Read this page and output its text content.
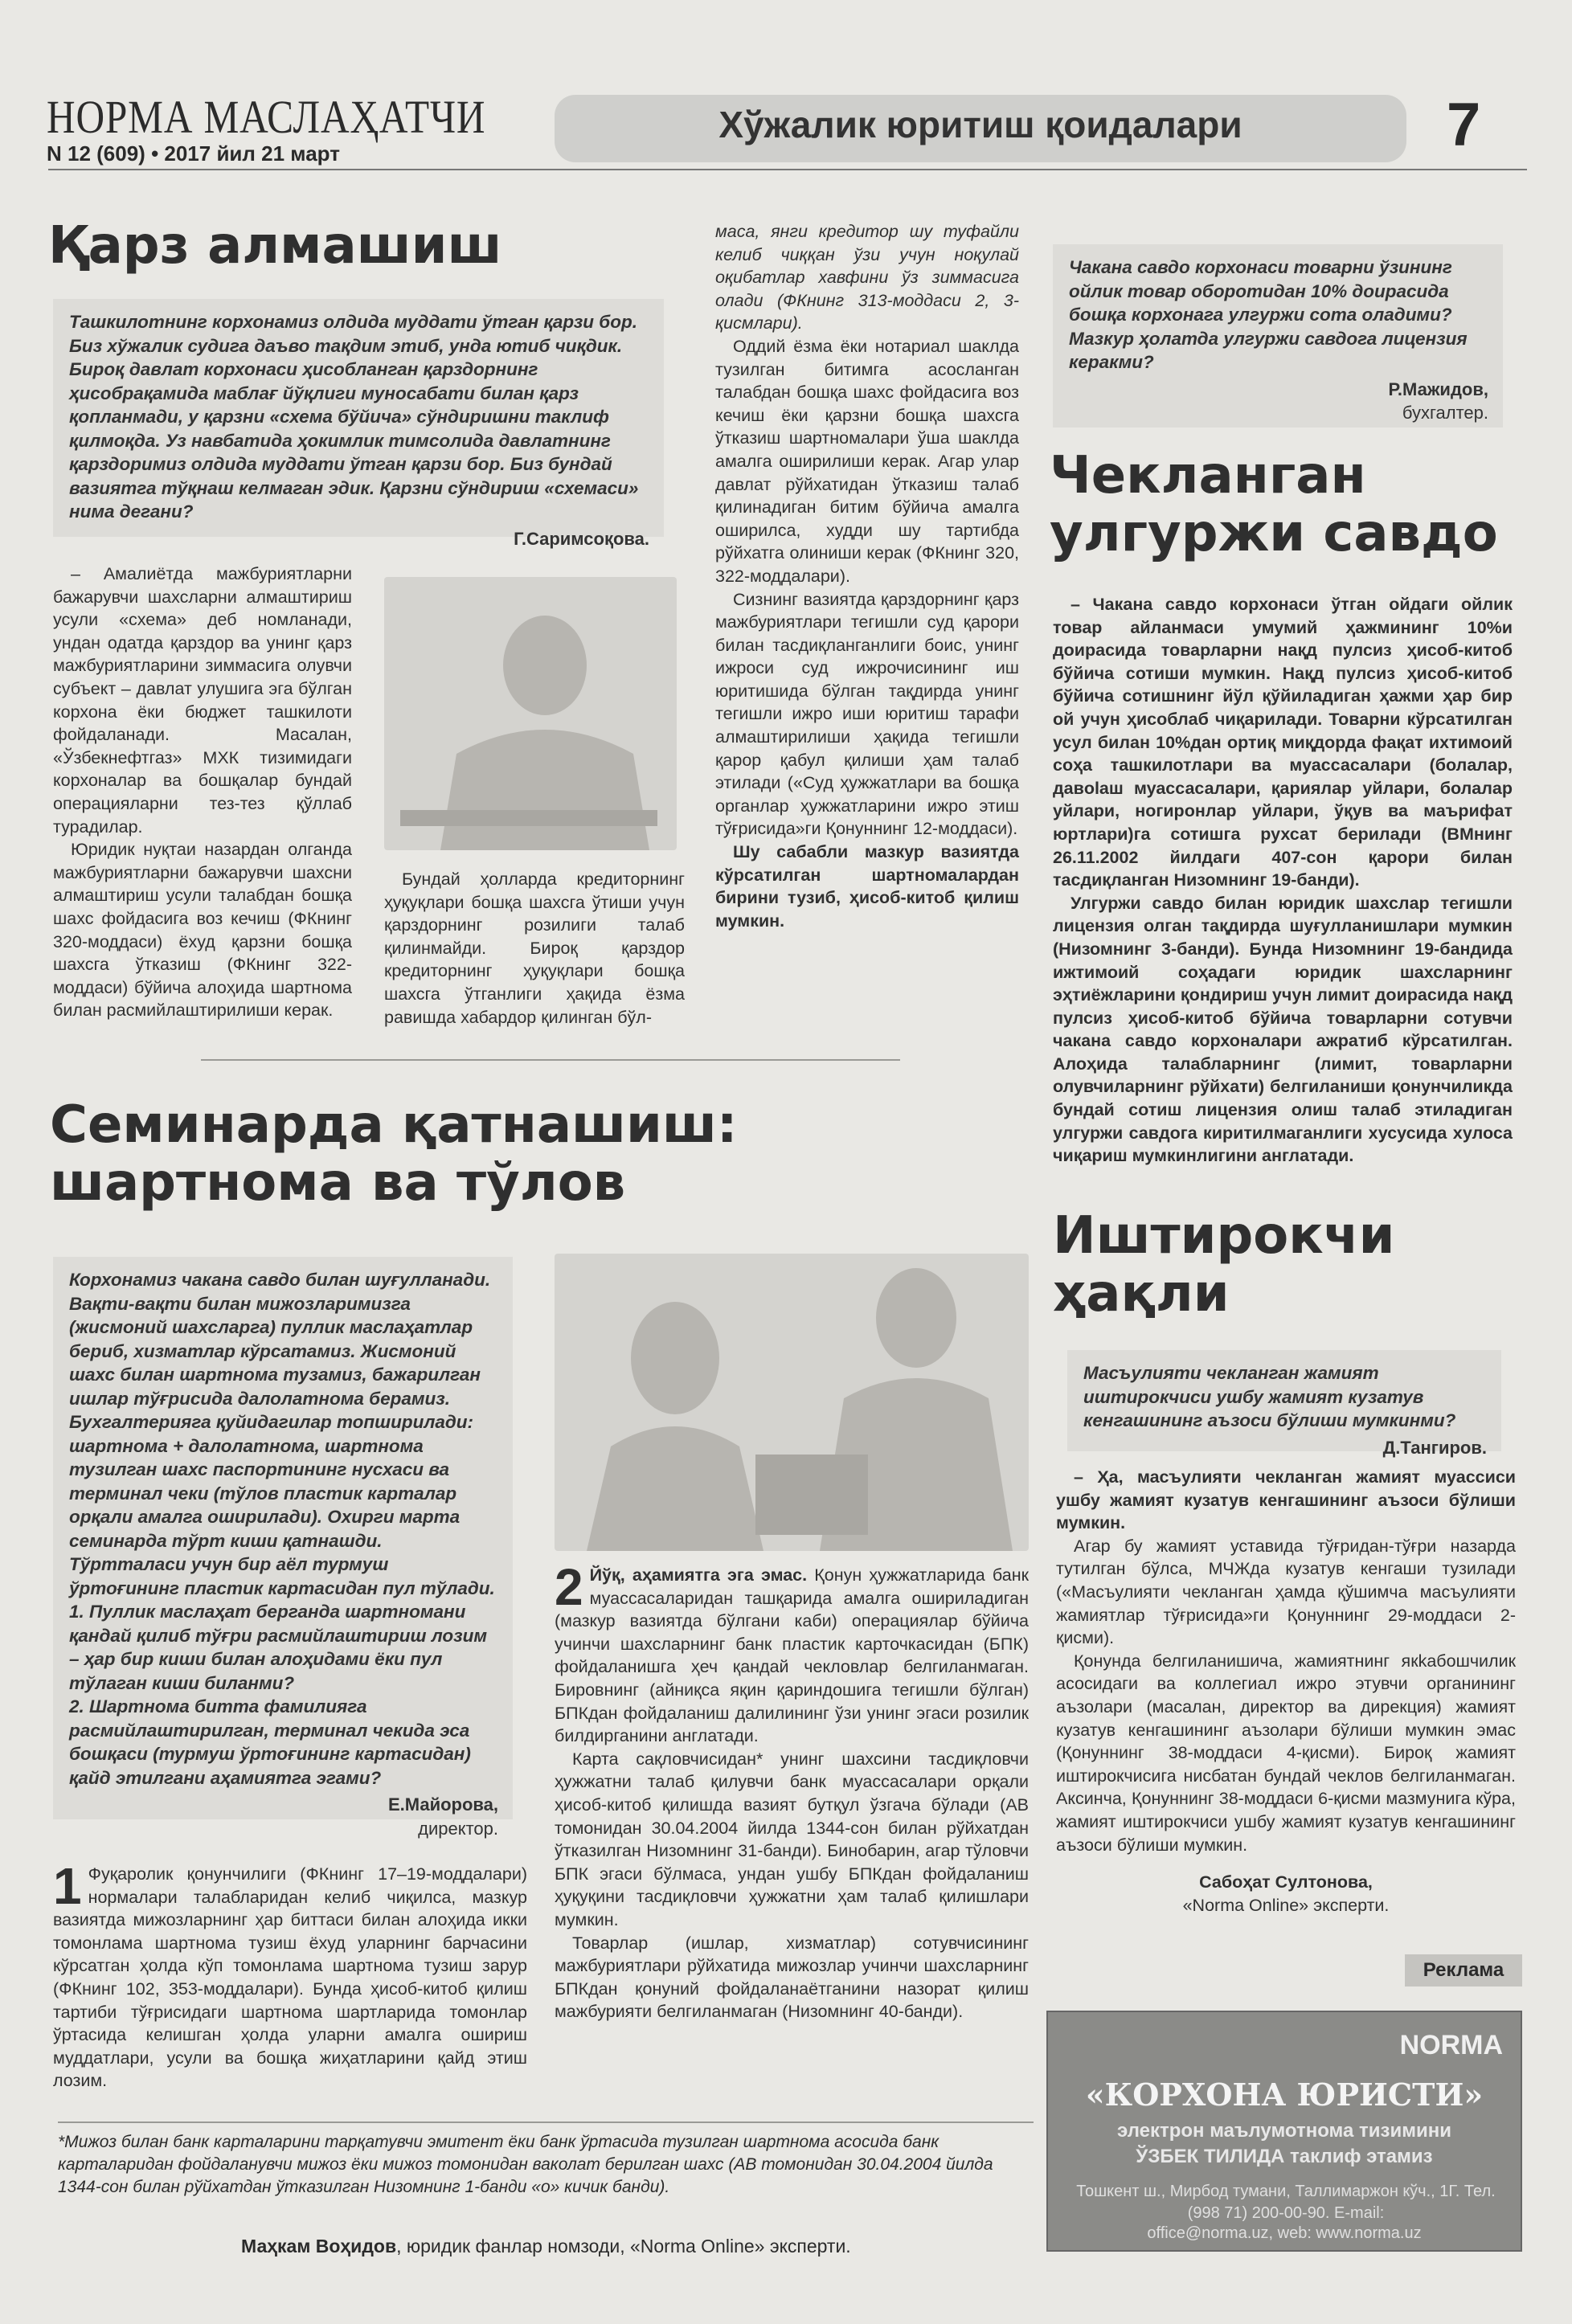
НОРМА МАСЛАҲАТЧИ
N 12 (609) • 2017 йил 21 март
Хўжалик юритиш қоидалари	7
Қарз алмашиш

Ташкилотнинг корхонамиз олдида муддати ўтган қарзи бор. Биз хўжалик судига даъво тақдим этиб, унда ютиб чиқдик. Бироқ давлат корхонаси ҳисобланган қарздорнинг ҳисобрақамида маблағ йўқлиги муносабати билан қарз қопланмади, у қарзни «схема бўйича» сўндиришни таклиф қилмоқда. Уз навбатида ҳокимлик тимсолида давлатнинг қарздоримиз олдида муддати ўтган қарзи бор. Биз бундай вазиятга тўқнаш келмаган эдик. Қарзни сўндириш «схемаси» нима дегани?

Г.Саримсоқова.

– Амалиётда мажбуриятларни бажарувчи шахсларни алмаштириш усули «схема» деб номланади, ундан одатда қарздор ва унинг қарз мажбуриятларини зиммасига олувчи субъект – давлат улушига эга бўлган корхона ёки бюджет ташкилоти фойдаланади. Масалан, «Ўзбекнефтгаз» МХК тизимидаги корхоналар ва бошқалар бундай операцияларни тез-тез қўллаб турадилар.

Юридик нуқтаи назардан олганда мажбуриятларни бажарувчи шахсни алмаштириш усули талабдан бошқа шахс фойдасига воз кечиш (ФКнинг 320-моддаси) ёхуд қарзни бошқа шахсга ўтказиш (ФКнинг 322-моддаси) бўйича алоҳида шартнома билан расмийлаштирилиши керак.

Бундай ҳолларда кредиторнинг ҳуқуқлари бошқа шахсга ўтиши учун қарздорнинг розилиги талаб қилинмайди. Бироқ қарздор кредиторнинг ҳуқуқлари бошқа шахсга ўтганлиги ҳақида ёзма равишда хабардор қилинган бўл-

маса, янги кредитор шу туфайли келиб чиққан ўзи учун ноқулай оқибатлар хавфини ўз зиммасига олади (ФКнинг 313-моддаси 2, 3-қисмлари).

Оддий ёзма ёки нотариал шаклда тузилган битимга асосланган талабдан бошқа шахс фойдасига воз кечиш ёки қарзни бошқа шахсга ўтказиш шартномалари ўша шаклда амалга оширилиши керак. Агар улар давлат рўйхатидан ўтказиш талаб қилинадиган битим бўйича амалга оширилса, худди шу тартибда рўйхатга олиниши керак (ФКнинг 320, 322-моддалари).

Сизнинг вазиятда қарздорнинг қарз мажбуриятлари тегишли суд қарори билан тасдиқланганлиги боис, унинг ижроси суд ижрочисининг иш юритишида бўлган тақдирда унинг тегишли ижро иши юритиш тарафи алмаштирилиши ҳақида тегишли қарор қабул қилиши ҳам талаб этилади («Суд ҳужжатлари ва бошқа органлар ҳужжатларини ижро этиш тўғрисида»ги Қонуннинг 12-моддаси).

Шу сабабли мазкур вазиятда кўрсатилган шартномалардан бирини тузиб, ҳисоб-китоб қилиш мумкин.

Чакана савдо корхонаси товарни ўзининг ойлик товар оборотидан 10% доирасида бошқа корхонага улгуржи сота оладими? Мазкур ҳолатда улгуржи савдога лицензия керакми?

Р.Мажидов,
бухгалтер.
Чекланган улгуржи савдо

– Чакана савдо корхонаси ўтган ойдаги ойлик товар айланмаси умумий ҳажмининг 10%и доирасида товарларни нақд пулсиз ҳисоб-китоб бўйича сотиши мумкин. Нақд пулсиз ҳисоб-китоб бўйича сотишнинг йўл қўйиладиган ҳажми ҳар бир ой учун ҳисоблаб чиқарилади. Товарни кўрсатилган усул билан 10%дан ортиқ миқдорда фақат ихтимоий соҳа ташкилотлари ва муассасалари (болалар, давolaш муассасалари, қариялар уйлари, болалар уйлари, ногиронлар уйлари, ўқув ва маърифат юртлари)га сотишга рухсат берилади (ВМнинг 26.11.2002 йилдаги 407-сон қарори билан тасдиқланган Низомнинг 19-банди).

Улгуржи савдо билан юридик шахслар тегишли лицензия олган тақдирда шуғулланишлари мумкин (Низомнинг 3-банди). Бунда Низомнинг 19-бандида ижтимоий соҳадаги юридик шахсларнинг эҳтиёжларини қондириш учун лимит доирасида нақд пулсиз ҳисоб-китоб бўйича товарларни сотувчи чакана савдо корхоналари ажратиб кўрсатилган. Алоҳида талабларнинг (лимит, товарларни олувчиларнинг рўйхати) белгиланиши қонунчиликда бундай сотиш лицензия олиш талаб этиладиган улгуржи савдога киритилмаганлиги хусусида хулоса чиқариш мумкинлигини англатади.

Семинарда қатнашиш: шартнома ва тўлов

Корхонамиз чакана савдо билан шуғулланади. Вақти-вақти билан мижозларимизга (жисмоний шахсларга) пуллик маслаҳатлар бериб, хизматлар кўрсатамиз. Жисмоний шахс билан шартнома тузамиз, бажарилган ишлар тўғрисида далолатнома берамиз. Бухгалтерияга қуйидагилар топширилади: шартнома + далолатнома, шартнома тузилган шахс паспортининг нусхаси ва терминал чеки (тўлов пластик карталар орқали амалга оширилади). Охирги марта семинарда тўрт киши қатнашди. Тўртталаси учун бир аёл турмуш ўртоғининг пластик картасидан пул тўлади.

1. Пуллик маслаҳат берганда шартномани қандай қилиб тўғри расмийлаштириш лозим – ҳар бир киши билан алоҳидами ёки пул тўлаган киши биланми?

2. Шартнома битта фамилияга расмийлаштирилган, терминал чекида эса бошқаси (турмуш ўртоғининг картасидан) қайд этилгани аҳамиятга эгами?

Е.Майорова,
директор.

1 Фуқаролик қонунчилиги (ФКнинг 17–19-моддалари) нормалари талабларидан келиб чиқилса, мазкур вазиятда мижозларнинг ҳар биттаси билан алоҳида икки томонлама шартнома тузиш ёхуд уларнинг барчасини кўрсатган ҳолда кўп томонлама шартнома тузиш зарур (ФКнинг 102, 353-моддалари). Бунда ҳисоб-китоб қилиш тартиби тўғрисидаги шартнома шартларида томонлар ўртасида келишган ҳолда уларни амалга ошириш муддатлари, усули ва бошқа жиҳатларини қайд этиш лозим.

2 Йўқ, аҳамиятга эга эмас. Қонун ҳужжатларида банк муассасаларидан ташқарида амалга ошириладиган (мазкур вазиятда бўлгани каби) операциялар бўйича учинчи шахсларнинг банк пластик карточкасидан (БПК) фойдаланишга ҳеч қандай чекловлар белгиланмаган. Бировнинг (айниқса яқин қариндошига тегишли бўлган) БПКдан фойдаланиш далилининг ўзи унинг эгаси розилик билдирганини англатади.

Карта сақловчисидан* унинг шахсини тасдиқловчи ҳужжатни талаб қилувчи банк муассасалари орқали ҳисоб-китоб қилишда вазият бутқул ўзгача бўлади (АВ томонидан 30.04.2004 йилда 1344-сон билан рўйхатдан ўтказилган Низомнинг 31-банди). Бинобарин, агар тўловчи БПК эгаси бўлмаса, ундан ушбу БПКдан фойдаланиш ҳуқуқини тасдиқловчи ҳужжатни ҳам талаб қилишлари мумкин.

Товарлар (ишлар, хизматлар) сотувчисининг мажбуриятлари рўйхатида мижозлар учинчи шахсларнинг БПКдан қонуний фойдаланаётганини назорат қилиш мажбурияти белгиланмаган (Низомнинг 40-банди).

*Мижоз билан банк карталарини тарқатувчи эмитент ёки банк ўртасида тузилган шартнома асосида банк карталаридан фойдаланувчи мижоз ёки мижоз томонидан ваколат берилган шахс (АВ томонидан 30.04.2004 йилда 1344-сон билан рўйхатдан ўтказилган Низомнинг 1-банди «о» кичик банди).
Маҳкам Воҳидов, юридик фанлар номзоди, «Norma Online» эксперти.
Иштирокчи ҳақли

Масъулияти чекланган жамият иштирокчиси ушбу жамият кузатув кенгашининг аъзоси бўлиши мумкинми?

Д.Тангиров.

– Ҳа, масъулияти чекланган жамият муассиси ушбу жамият кузатув кенгашининг аъзоси бўлиши мумкин.

Агар бу жамият уставида тўғридан-тўғри назарда тутилган бўлса, МЧЖда кузатув кенгаши тузилади («Масъулияти чекланган ҳамда қўшимча масъулияти жамиятлар тўғрисида»ги Қонуннинг 29-моддаси 2-қисми).

Қонунда белгиланишича, жамиятнинг якkaбошчилик асосидаги ва коллегиал ижро этувчи органининг аъзолари (масалан, директор ва дирекция) жамият кузатув кенгашининг аъзолари бўлиши мумкин эмас (Қонуннинг 38-моддаси 4-қисми). Бироқ жамият иштирокчисига нисбатан бундай чеклов белгиланмаган. Аксинча, Қонуннинг 38-моддаси 6-қисми мазмунига кўра, жамият иштирокчиси ушбу жамият кузатув кенгашининг аъзоси бўлиши мумкин.

Сабоҳат Султонова,
«Norma Online» эксперти.
Реклама
NORMA
«КОРХОНА ЮРИСТИ»
электрон маълумотнома тизимини
ЎЗБЕК ТИЛИДА таклиф этамиз
Тошкент ш., Мирбод тумани, Таллимаржон кўч., 1Г. Тел. (998 71) 200-00-90. E-mail:
office@norma.uz, web: www.norma.uz
